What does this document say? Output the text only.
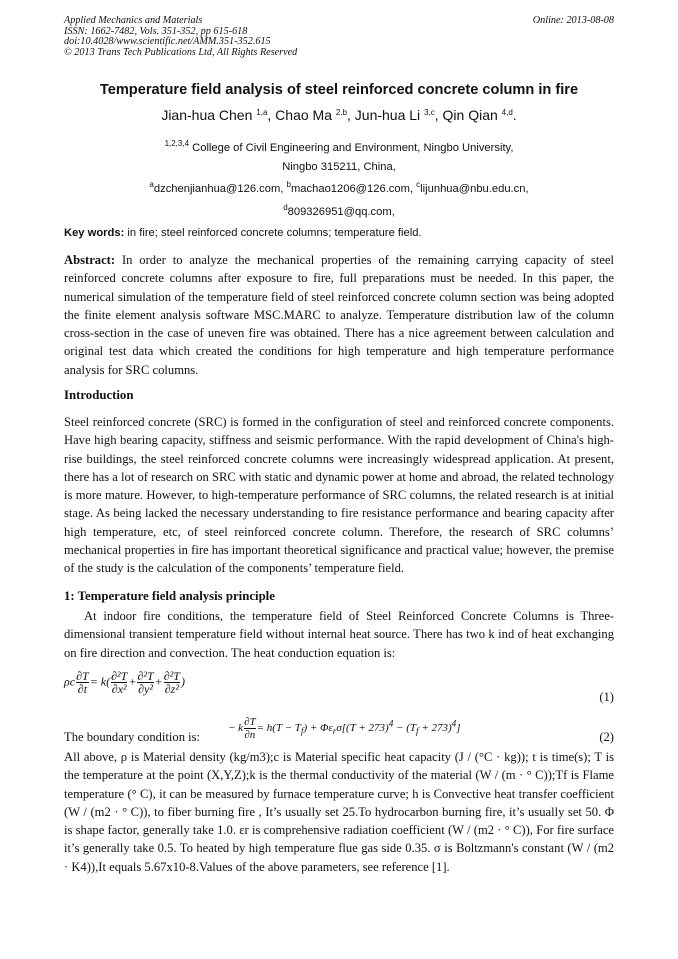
Applied Mechanics and Materials
ISSN: 1662-7482, Vols. 351-352, pp 615-618
doi:10.4028/www.scientific.net/AMM.351-352.615
© 2013 Trans Tech Publications Ltd, All Rights Reserved
Online: 2013-08-08
Temperature field analysis of steel reinforced concrete column in fire
Jian-hua Chen $^{1,a}$, Chao Ma $^{2,b}$, Jun-hua Li $^{3,c}$, Qin Qian $^{4,d}$.
$^{1,2,3,4}$ College of Civil Engineering and Environment, Ningbo University,
Ningbo 315211, China,
$^a$dzchenjianhua@126.com, $^b$machao1206@126.com, $^c$lijunhua@nbu.edu.cn,
$^d$809326951@qq.com,
Key words: in fire; steel reinforced concrete columns; temperature field.
Abstract: In order to analyze the mechanical properties of the remaining carrying capacity of steel reinforced concrete columns after exposure to fire, full preparations must be needed. In this paper, the numerical simulation of the temperature field of steel reinforced concrete column section was being adopted the finite element analysis software MSC.MARC to analyze. Temperature distribution law of the column cross-section in the case of uneven fire was obtained. There has a nice agreement between calculation and original test data which created the conditions for high temperature and high temperature performance analysis for SRC columns.
Introduction
Steel reinforced concrete (SRC) is formed in the configuration of steel and reinforced concrete components. Have high bearing capacity, stiffness and seismic performance. With the rapid development of China's high-rise buildings, the steel reinforced concrete columns were increasingly widespread application. At present, there has a lot of research on SRC with static and dynamic power at home and abroad, the related technology is more mature. However, to high-temperature performance of SRC columns, the related research is at initial stage. As being lacked the necessary understanding to fire resistance performance and bearing capacity after high temperature, etc, of steel reinforced concrete column. Therefore, the research of SRC columns’ mechanical properties in fire has important theoretical significance and practical value; however, the premise of the study is the calculation of the components’ temperature field.
1: Temperature field analysis principle
At indoor fire conditions, the temperature field of Steel Reinforced Concrete Columns is Three-dimensional transient temperature field without internal heat source. There has two k ind of heat exchanging on fire direction and convection. The heat conduction equation is:
ρc $\frac{\partial T}{\partial t} = k( \frac{\text{∂²T}}{\text{∂x²}} + \frac{\text{∂²T}}{\text{∂y²}} + \frac{\text{∂²T}}{\text{∂z²}}$ )
(1)
The boundary condition is:
− k $\frac{\partial T}{\partial n} = h(T - T_f) + \Phi\varepsilon_r\sigma[(T + 273)^4 - (T_f + 273)^4]$
(2)
All above, ρ is Material density (kg/m3);c is Material specific heat capacity (J / (°C · kg)); t is time(s); T is the temperature at the point (X,Y,Z);k is the thermal conductivity of the material (W / (m · ° C));Tf is Flame temperature (° C), it can be measured by furnace temperature curve; h is Convective heat transfer coefficient (W / (m2 · ° C)), to fiber burning fire , It’s usually set 25.To hydrocarbon burning fire, it’s usually set 50. Φ is shape factor, generally take 1.0. εr is comprehensive radiation coefficient (W / (m2 · ° C)), For fire surface it’s generally take 0.5. To heated by high temperature flue gas side 0.35. σ is Boltzmann's constant (W / (m2 · K4)),It equals 5.67x10-8.Values of the above parameters, see reference [1].
